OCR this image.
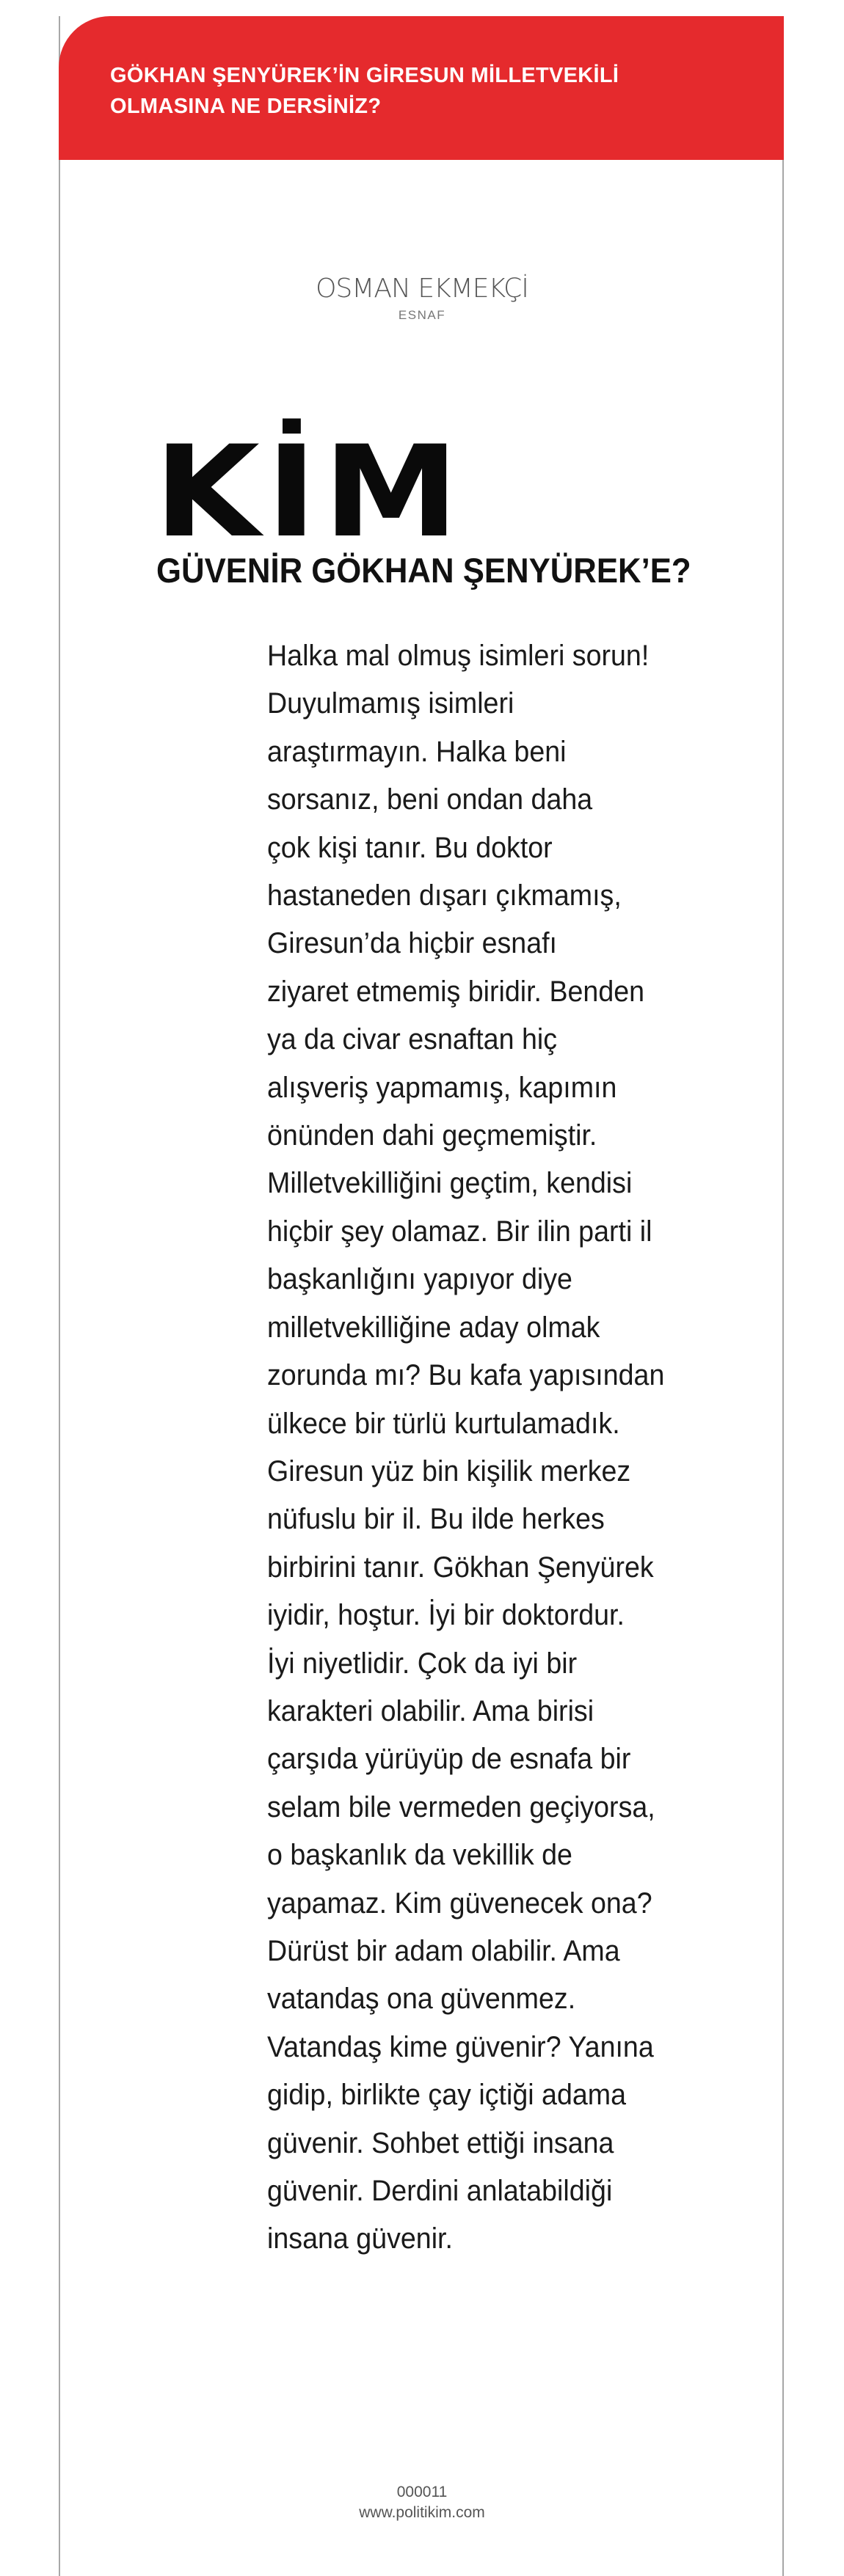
GÖKHAN ŞENYÜREK’İN GİRESUN MİLLETVEKİLİ
OLMASINA NE DERSİNİZ?

OSMAN EKMEKÇİ
ESNAF
KİM
GÜVENİR GÖKHAN ŞENYÜREK’E?
Halka mal olmuş isimleri sorun!
Duyulmamış isimleri
araştırmayın. Halka beni
sorsanız, beni ondan daha
çok kişi tanır. Bu doktor
hastaneden dışarı çıkmamış,
Giresun’da hiçbir esnafı
ziyaret etmemiş biridir. Benden
ya da civar esnaftan hiç
alışveriş yapmamış, kapımın
önünden dahi geçmemiştir.
Milletvekilliğini geçtim, kendisi
hiçbir şey olamaz. Bir ilin parti il
başkanlığını yapıyor diye
milletvekilliğine aday olmak
zorunda mı? Bu kafa yapısından
ülkece bir türlü kurtulamadık.
Giresun yüz bin kişilik merkez
nüfuslu bir il. Bu ilde herkes
birbirini tanır. Gökhan Şenyürek
iyidir, hoştur. İyi bir doktordur.
İyi niyetlidir. Çok da iyi bir
karakteri olabilir. Ama birisi
çarşıda yürüyüp de esnafa bir
selam bile vermeden geçiyorsa,
o başkanlık da vekillik de
yapamaz. Kim güvenecek ona?
Dürüst bir adam olabilir. Ama
vatandaş ona güvenmez.
Vatandaş kime güvenir? Yanına
gidip, birlikte çay içtiği adama
güvenir. Sohbet ettiği insana
güvenir. Derdini anlatabildiği
insana güvenir.
000011
www.politikim.com
